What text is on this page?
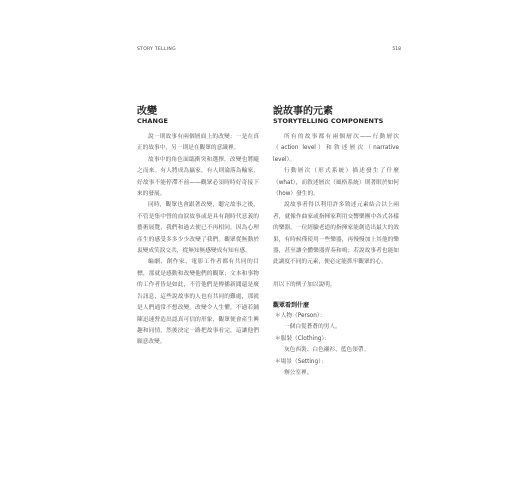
STORY TELLING	518
改變
CHANGE

說㇐則故事有兩個層面上的改變：㇐是在真正的故事中，另㇐則是在觀眾的意識裡。

故事中的角色面臨衝突和選擇，改變也將隨之而來。有人將成為贏家，有人則淪落為輸家，好故事不能停滯不前——觀眾必須時時好奇接下來的發展。

同時，觀眾也會跟著改變，聽完故事之後，不管是集中營的血淚故事或是具有創時代意義的藝術展覽，我們和過去便已不再相同，因為心理產生的感受多多少少改變了我們。觀眾從無動於衷變成笑淚交共，從無知無感變成有知有感。

編劇、創作家、電影工作者都有共同的目標，那就是感動和改變他們的觀眾；文本和事物的工作者皆是如此，不管他們是傳播新聞還是廣告訊息，這些說故事的人也有共同的難處，那就是人們通常不想改變。改變令人生懼，不過若鋪陳迅速營造出認真可信的形象，觀眾便會產生興趣和同情，然後決定㇐路把故事看完，這讓他們願意改變。

說故事的元素
STORYTELLING COMPONENTS

所有的故事都有兩個層次——行動層次（action level）和敘述層次（narrative level）。

行動層次（形式系統）描述發生了什麼（what），而敘述層次（風格系統）則著眼於如何（how）發生的。

說故事者得以利用許多敘述元素結合以上兩者，就像作曲家或指揮家利用交響樂團中各式各樣的樂器，㇐位經驗老道的指揮家能創造出最大的效果，有時候僅使用㇐些樂器，再慢慢加上其他的樂器，甚至讓全體樂器齊奏和鳴；若說故事者也能如此調度不同的元素，便必定能抓牢觀眾的心。

用以下的例子加以說明。

觀眾看到什麼
＊人物（Person）：
㇐個白髮蒼蒼的男人。
＊服裝（Clothing）：
灰色西裝、白色襯衫、藍色領帶。
＊場景（Setting）：
辦公室裡。
